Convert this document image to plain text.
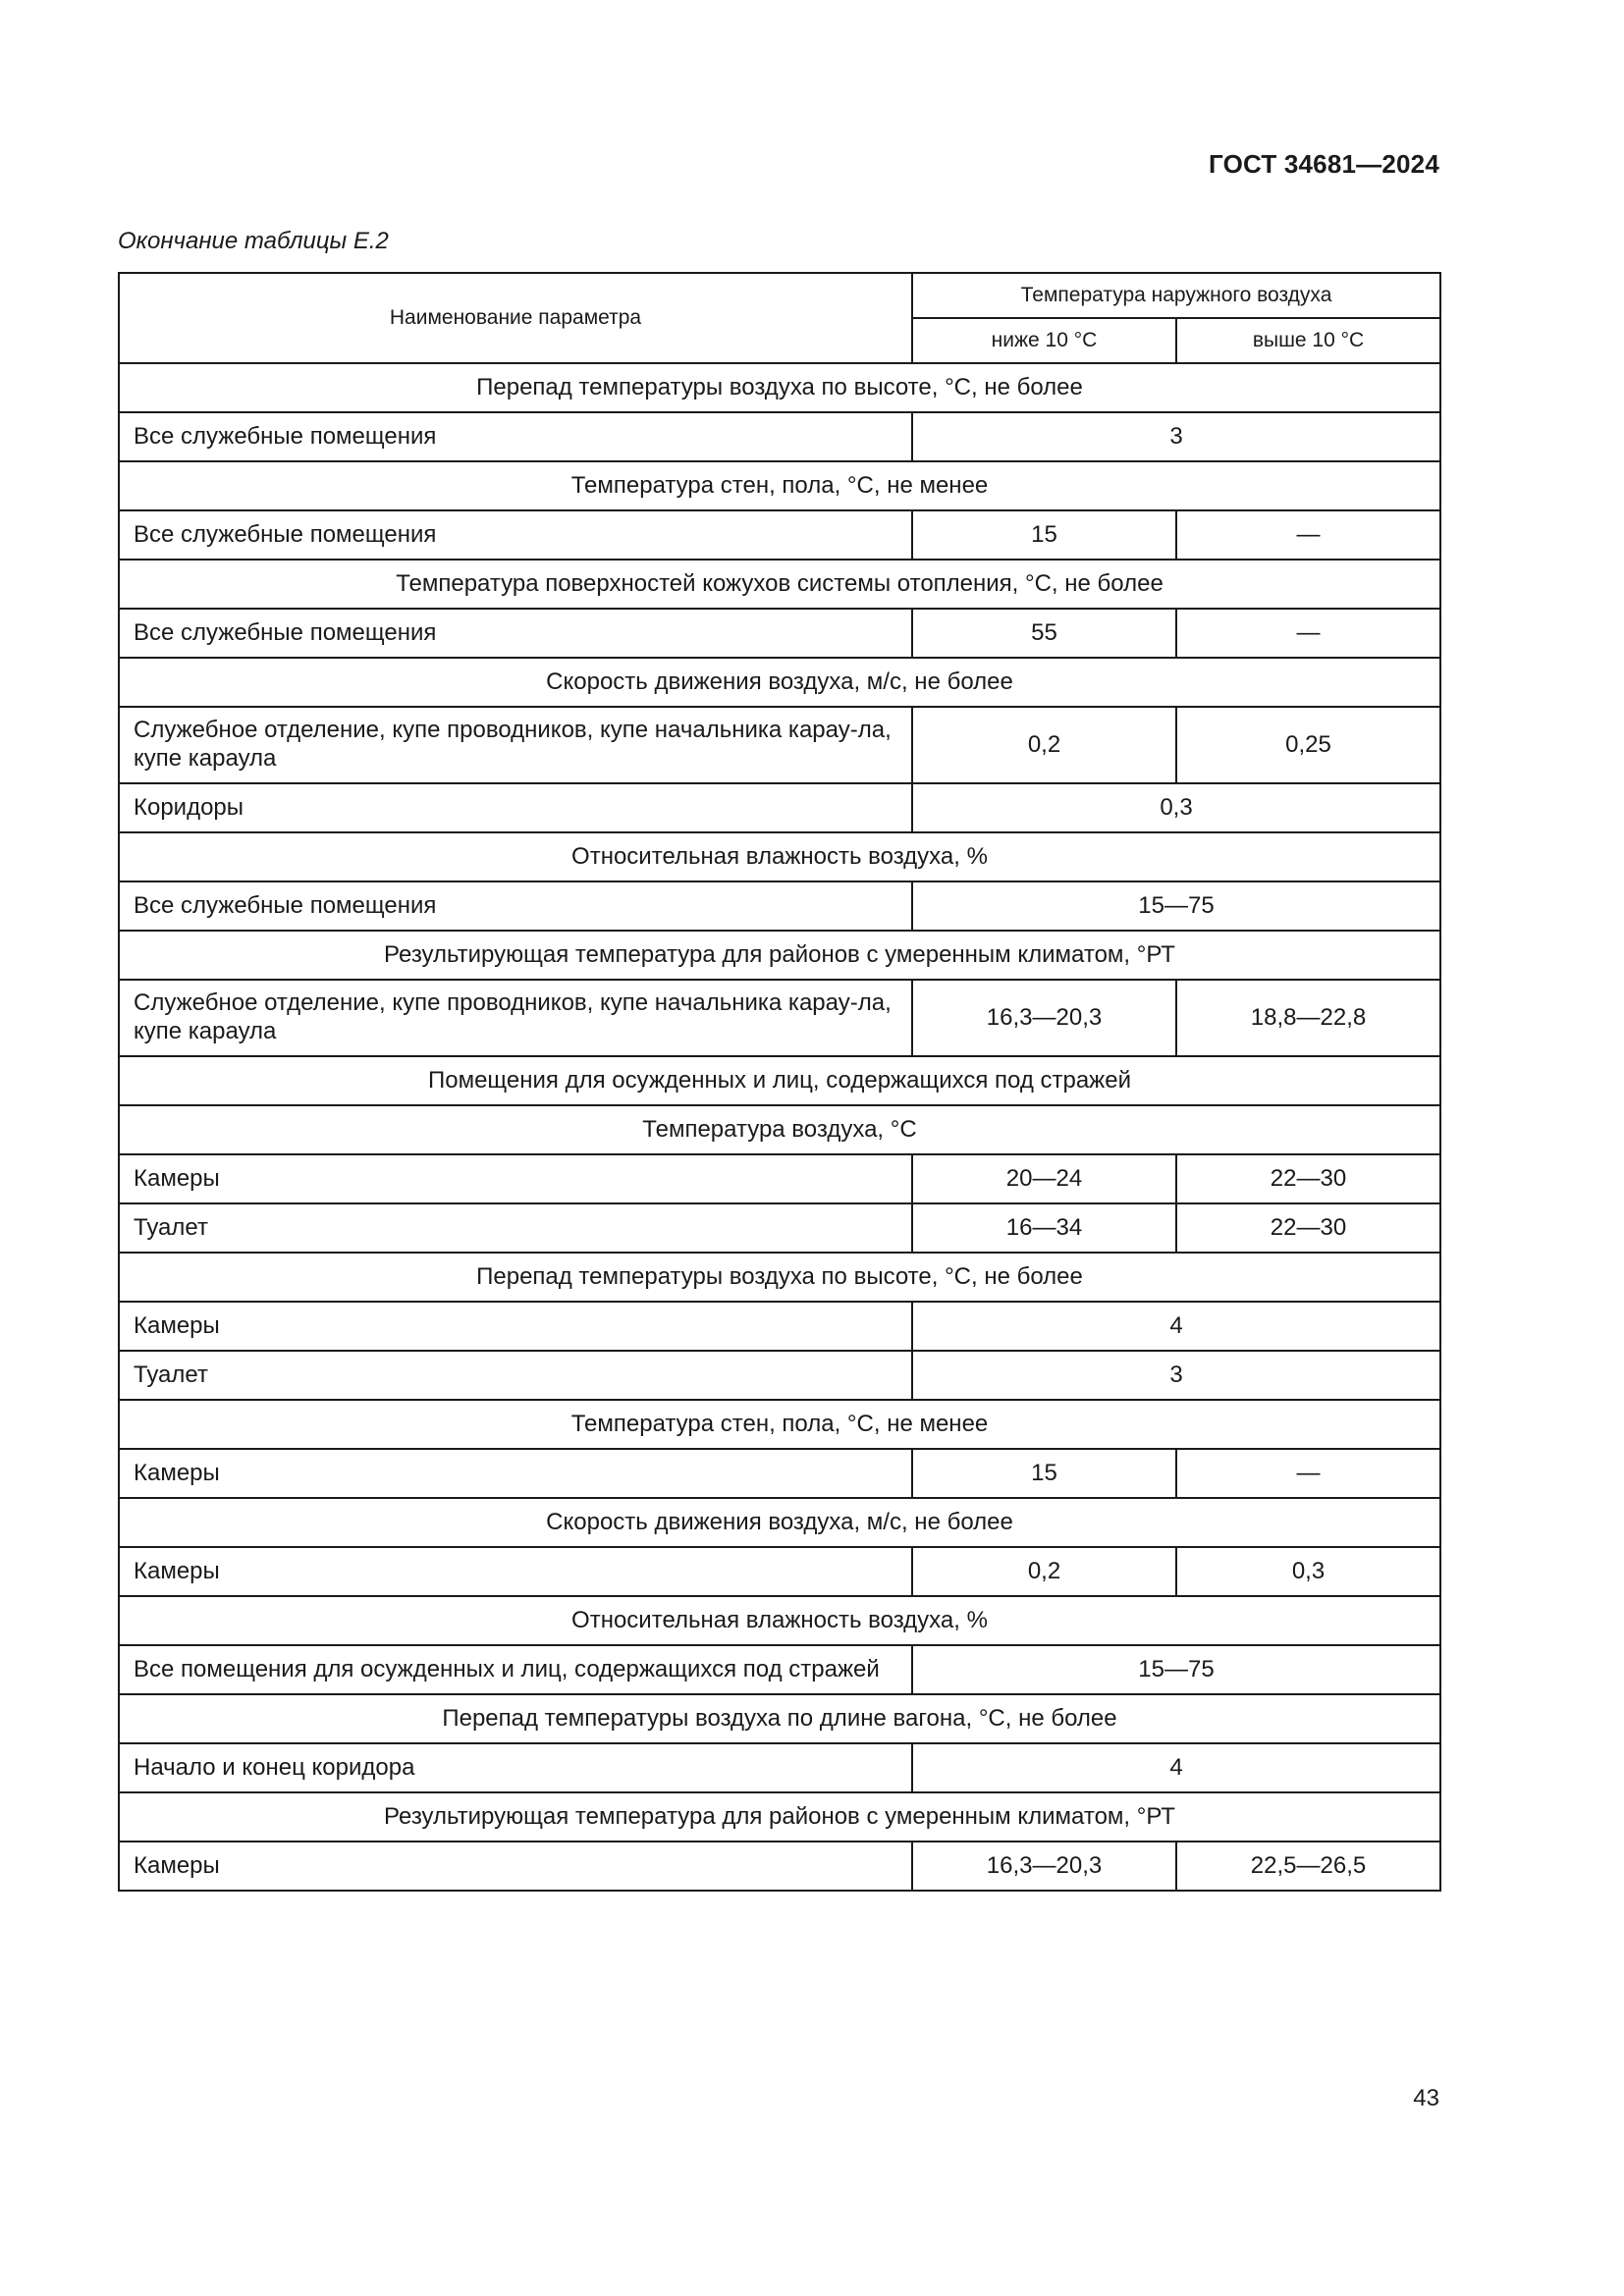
ГОСТ 34681—2024
Окончание таблицы Е.2
Наименование параметра	Температура наружного воздуха	
	ниже 10 °С	выше 10 °С
Перепад температуры воздуха по высоте, °С, не более		
Все служебные помещения	3	
Температура стен, пола, °С, не менее		
Все служебные помещения	15	—
Температура поверхностей кожухов системы отопления, °С, не более		
Все служебные помещения	55	—
Скорость движения воздуха, м/с, не более		
Служебное отделение, купе проводников, купе начальника карау-ла, купе караула	0,2	0,25
Коридоры	0,3	
Относительная влажность воздуха, %		
Все служебные помещения	15—75	
Результирующая температура для районов с умеренным климатом, °РТ		
Служебное отделение, купе проводников, купе начальника карау-ла, купе караула	16,3—20,3	18,8—22,8
Помещения для осужденных и лиц, содержащихся под стражей		
Температура воздуха, °С		
Камеры	20—24	22—30
Туалет	16—34	22—30
Перепад температуры воздуха по высоте, °С, не более		
Камеры	4	
Туалет	3	
Температура стен, пола, °С, не менее		
Камеры	15	—
Скорость движения воздуха, м/с, не более		
Камеры	0,2	0,3
Относительная влажность воздуха, %		
Все помещения для осужденных и лиц, содержащихся под стражей	15—75	
Перепад температуры воздуха по длине вагона, °С, не более		
Начало и конец коридора	4	
Результирующая температура для районов с умеренным климатом, °РТ		
Камеры	16,3—20,3	22,5—26,5
43
